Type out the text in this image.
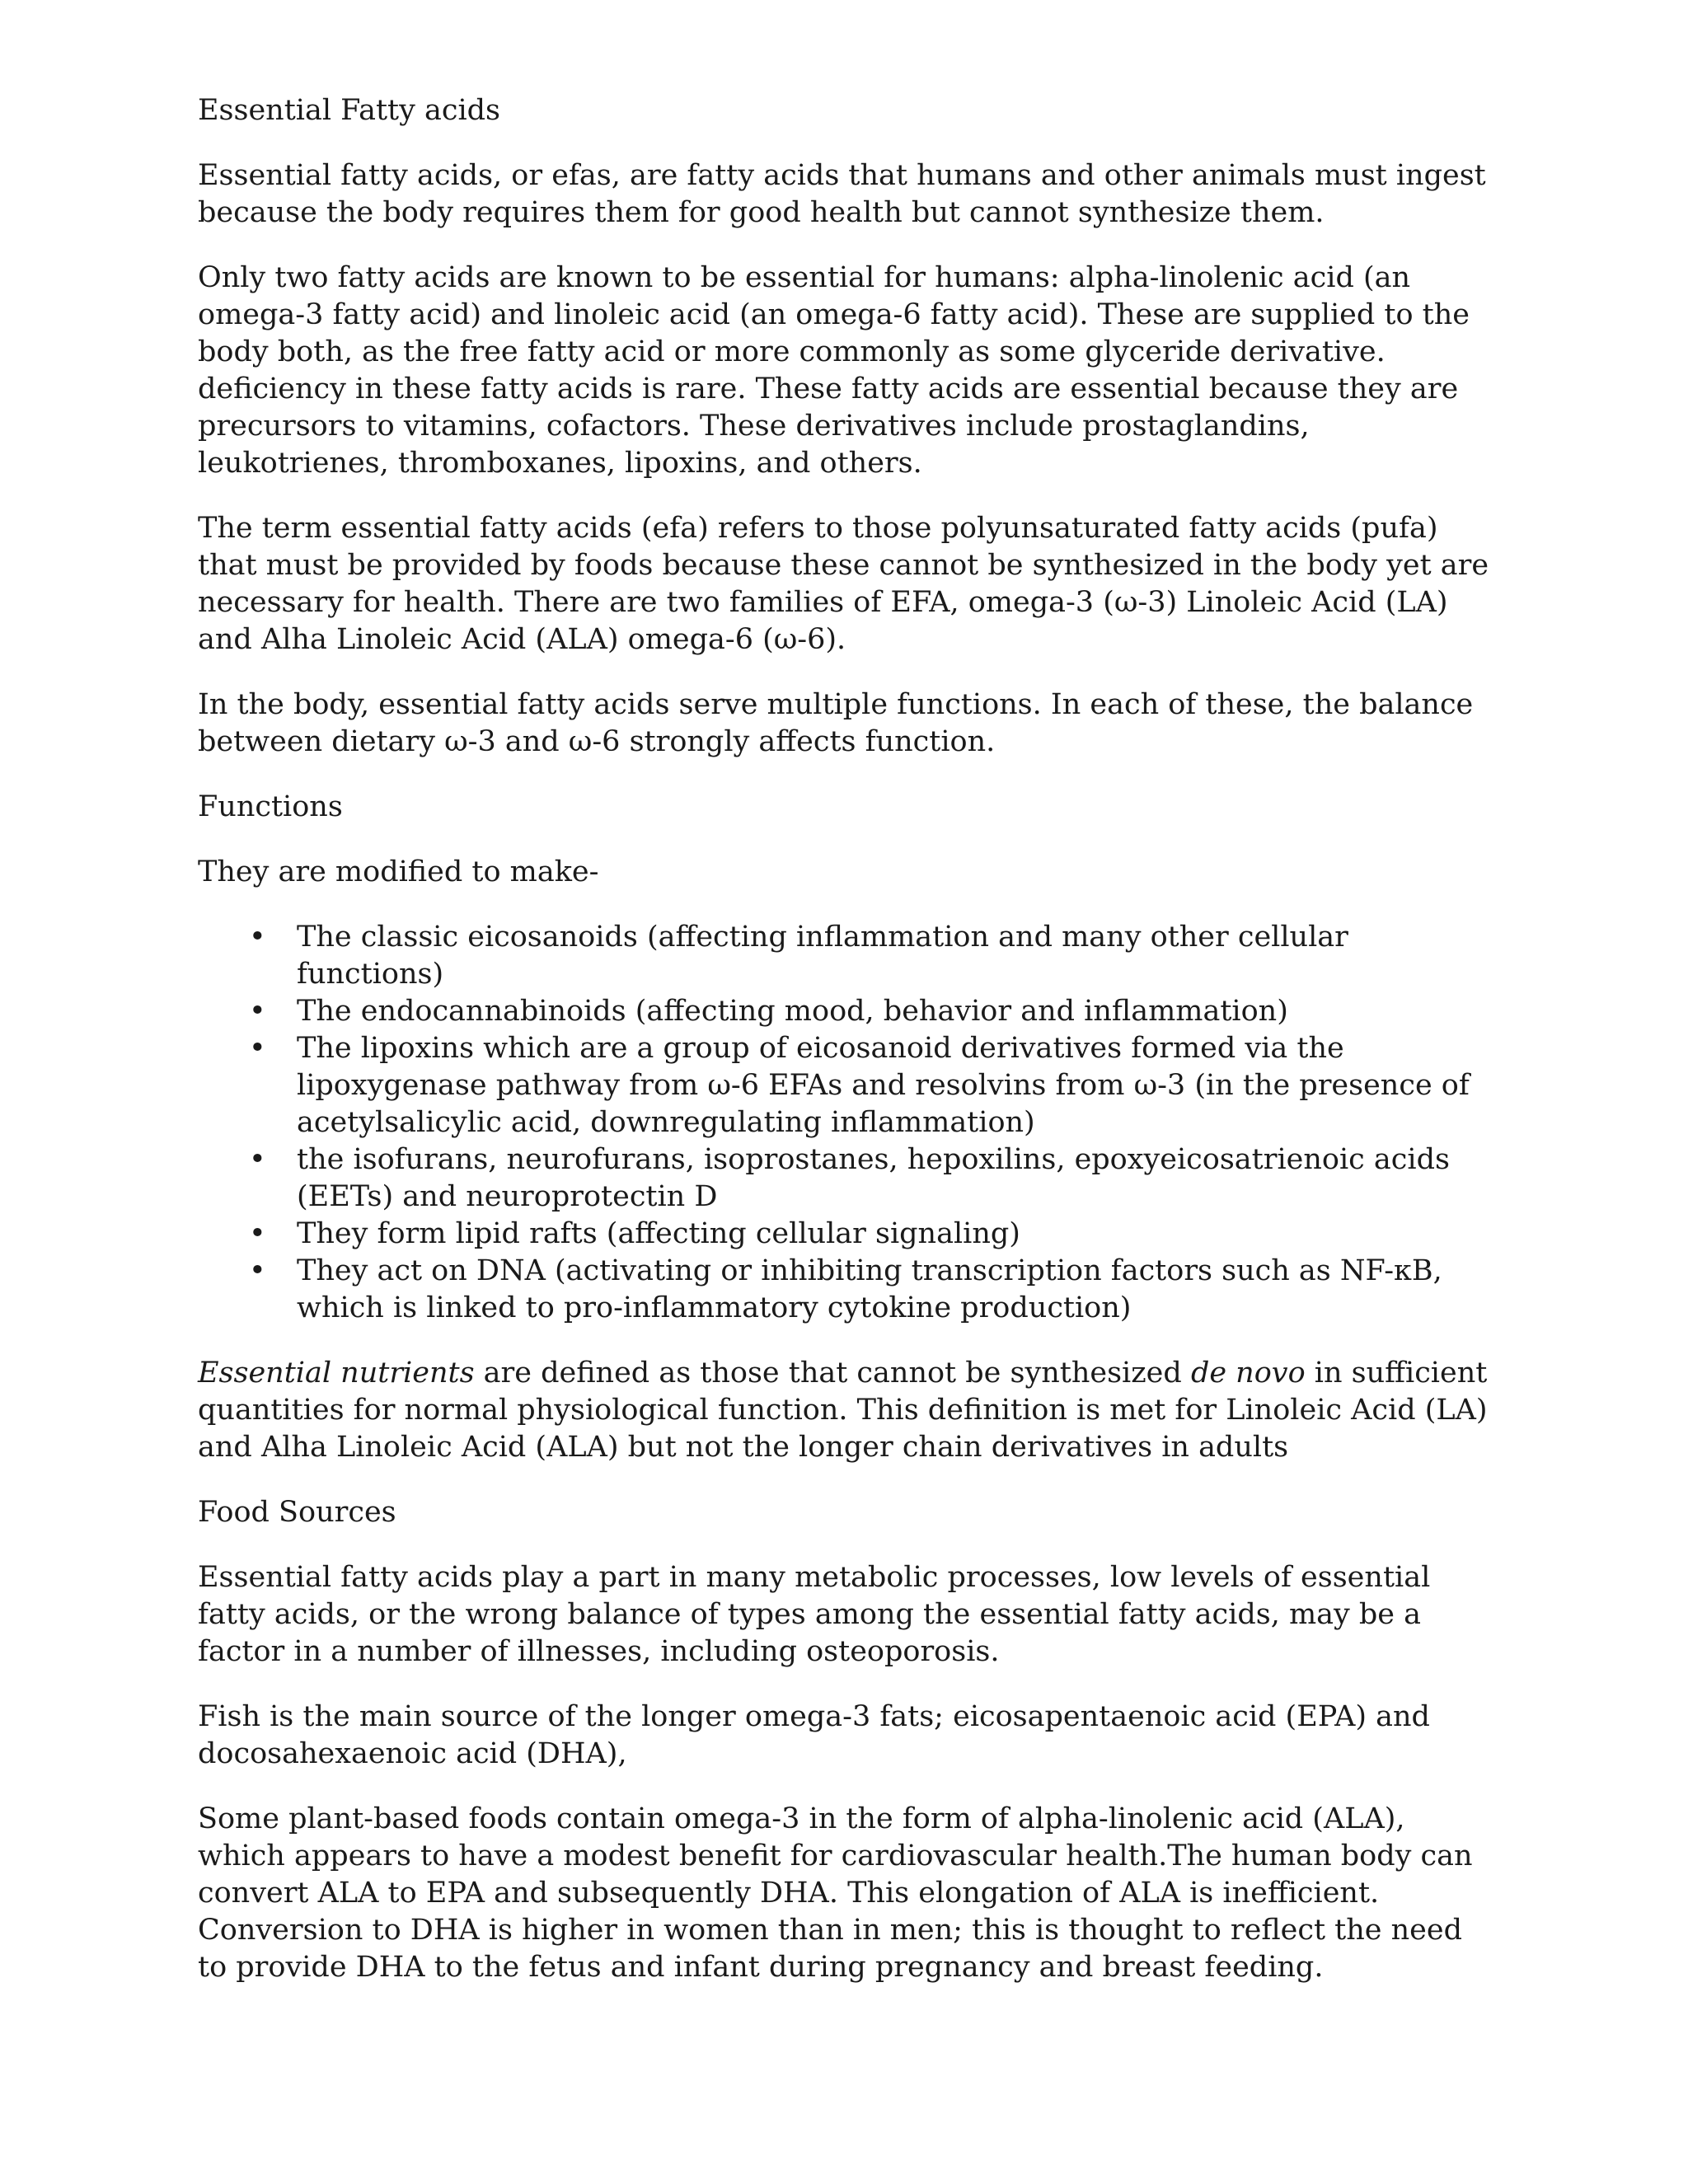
Essential Fatty acids

Essential fatty acids, or efas, are fatty acids that humans and other animals must ingest because the body requires them for good health but cannot synthesize them.

Only two fatty acids are known to be essential for humans: alpha-linolenic acid (an omega-3 fatty acid) and linoleic acid (an omega-6 fatty acid). These are supplied to the body both, as the free fatty acid or more commonly as some glyceride derivative. deficiency in these fatty acids is rare. These fatty acids are essential because they are precursors to vitamins, cofactors. These derivatives include prostaglandins, leukotrienes, thromboxanes, lipoxins, and others.

The term essential fatty acids (efa) refers to those polyunsaturated fatty acids (pufa) that must be provided by foods because these cannot be synthesized in the body yet are necessary for health. There are two families of EFA, omega-3 (ω-3) Linoleic Acid (LA) and Alha Linoleic Acid (ALA) omega-6 (ω-6).

In the body, essential fatty acids serve multiple functions. In each of these, the balance between dietary ω-3 and ω-6 strongly affects function.

Functions

They are modified to make-

• The classic eicosanoids (affecting inflammation and many other cellular functions)
• The endocannabinoids (affecting mood, behavior and inflammation)
• The lipoxins which are a group of eicosanoid derivatives formed via the lipoxygenase pathway from ω-6 EFAs and resolvins from ω-3 (in the presence of acetylsalicylic acid, downregulating inflammation)
• the isofurans, neurofurans, isoprostanes, hepoxilins, epoxyeicosatrienoic acids (EETs) and neuroprotectin D
• They form lipid rafts (affecting cellular signaling)
• They act on DNA (activating or inhibiting transcription factors such as NF-κB, which is linked to pro-inflammatory cytokine production)

Essential nutrients are defined as those that cannot be synthesized de novo in sufficient quantities for normal physiological function. This definition is met for Linoleic Acid (LA) and Alha Linoleic Acid (ALA) but not the longer chain derivatives in adults

Food Sources

Essential fatty acids play a part in many metabolic processes, low levels of essential fatty acids, or the wrong balance of types among the essential fatty acids, may be a factor in a number of illnesses, including osteoporosis.

Fish is the main source of the longer omega-3 fats; eicosapentaenoic acid (EPA) and docosahexaenoic acid (DHA),

Some plant-based foods contain omega-3 in the form of alpha-linolenic acid (ALA), which appears to have a modest benefit for cardiovascular health.The human body can convert ALA to EPA and subsequently DHA. This elongation of ALA is inefficient. Conversion to DHA is higher in women than in men; this is thought to reflect the need to provide DHA to the fetus and infant during pregnancy and breast feeding.
